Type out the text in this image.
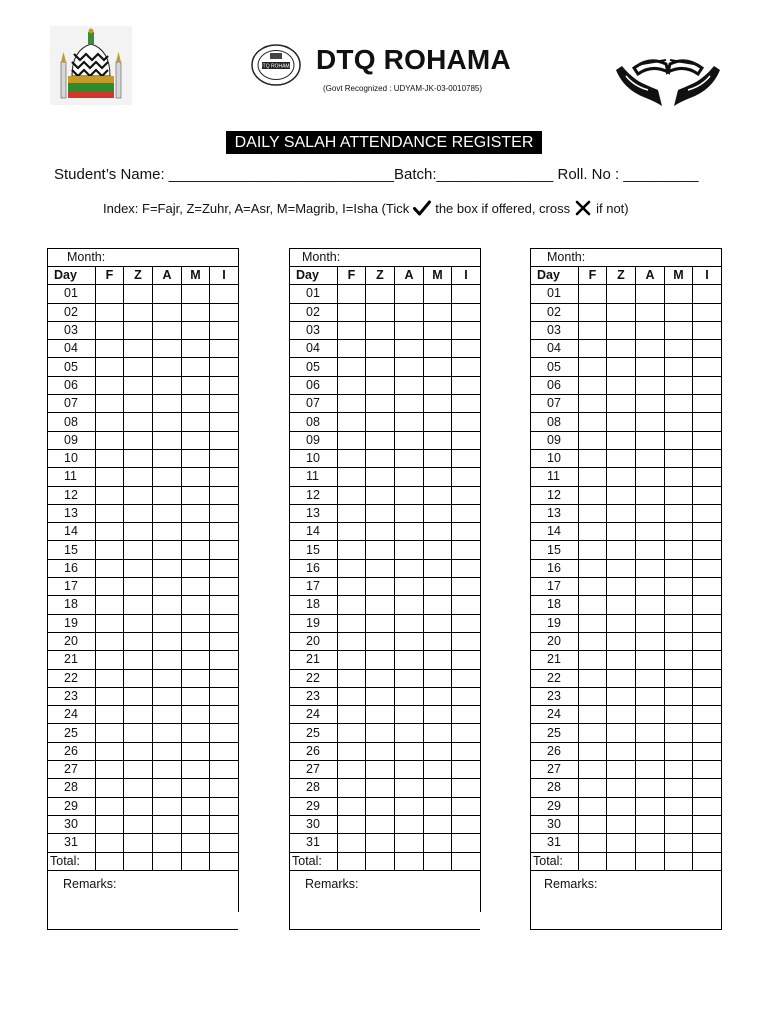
DTQ ROHAMA DTQ ROHAMA
(Govt Recognized : UDYAM-JK-03-0010785)
DAILY SALAH ATTENDANCE REGISTER
Student’s Name: ___________________________Batch:______________ Roll. No : _________
Index: F=Fajr, Z=Zuhr, A=Asr, M=Magrib, I=Isha (Tick the box if offered, cross if not)
Month:
Day	F	Z	A	M	I
01					
02					
03					
04					
05					
06					
07					
08					
09					
10					
11					
12					
13					
14					
15					
16					
17					
18					
19					
20					
21					
22					
23					
24					
25					
26					
27					
28					
29					
30					
31					
Total:					
Remarks:
Month:
Day	F	Z	A	M	I
01					
02					
03					
04					
05					
06					
07					
08					
09					
10					
11					
12					
13					
14					
15					
16					
17					
18					
19					
20					
21					
22					
23					
24					
25					
26					
27					
28					
29					
30					
31					
Total:					
Remarks:
Month:
Day	F	Z	A	M	I
01					
02					
03					
04					
05					
06					
07					
08					
09					
10					
11					
12					
13					
14					
15					
16					
17					
18					
19					
20					
21					
22					
23					
24					
25					
26					
27					
28					
29					
30					
31					
Total:					
Remarks:
